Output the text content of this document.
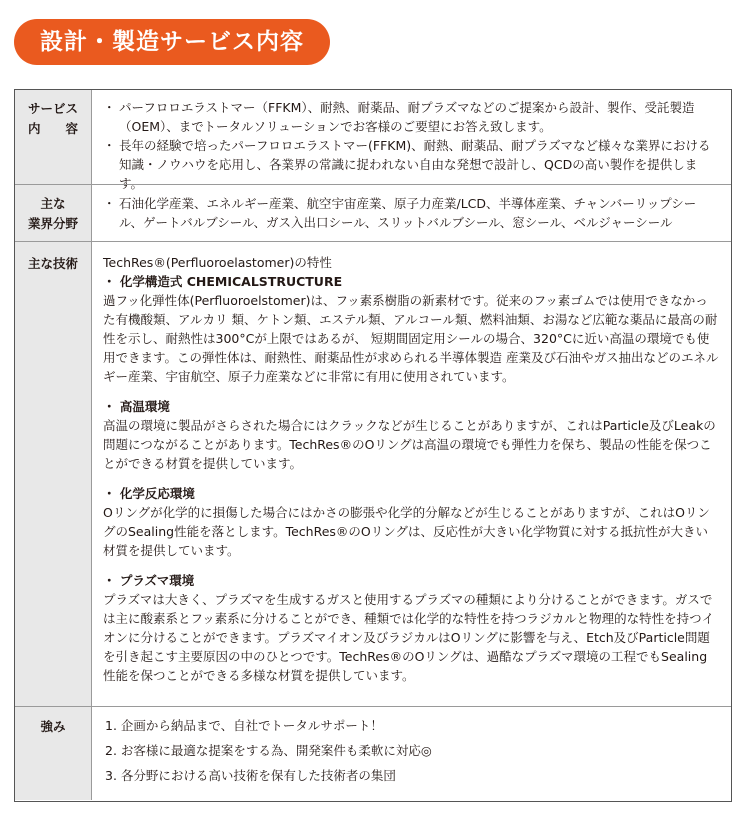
設計・製造サービス内容
サービス
内　　容

・ パーフロロエラストマー（FFKM）、耐熱、耐薬品、耐プラズマなどのご提案から設計、製作、受託製造（OEM）、までトータルソリューションでお客様のご要望にお答え致します。

・ 長年の経験で培ったパーフロロエラストマー(FFKM)、耐熱、耐薬品、耐プラズマなど様々な業界における知識・ノウハウを応用し、各業界の常識に捉われない自由な発想で設計し、QCDの高い製作を提供します。

主な
業界分野

・ 石油化学産業、エネルギー産業、航空宇宙産業、原子力産業/LCD、半導体産業、チャンバーリップシール、ゲートバルブシール、ガス入出口シール、スリットバルブシール、窓シール、ベルジャーシール

主な技術	TechRes®(Perfluoroelastomer)の特性

・ 化学構造式 CHEMICALSTRUCTURE

過フッ化弾性体(Perfluoroelstomer)は、フッ素系樹脂の新素材です。従来のフッ素ゴムでは使用できなかった有機酸類、アルカリ 類、ケトン類、エステル類、アルコール類、燃料油類、お湯など広範な薬品に最高の耐性を示し、耐熱性は300°Cが上限ではあるが、 短期間固定用シールの場合、320°Cに近い高温の環境でも使用できます。この弾性体は、耐熱性、耐薬品性が求められる半導体製造 産業及び石油やガス抽出などのエネルギー産業、宇宙航空、原子力産業などに非常に有用に使用されています。

・ 高温環境

高温の環境に製品がさらされた場合にはクラックなどが生じることがありますが、これはParticle及びLeakの問題につながることがあります。TechRes®のOリングは高温の環境でも弾性力を保ち、製品の性能を保つことができる材質を提供しています。

・ 化学反応環境

Oリングが化学的に損傷した場合にはかさの膨張や化学的分解などが生じることがありますが、これはOリングのSealing性能を落とします。TechRes®のOリングは、反応性が大きい化学物質に対する抵抗性が大きい材質を提供しています。

・ プラズマ環境

プラズマは大きく、プラズマを生成するガスと使用するプラズマの種類により分けることができます。ガスでは主に酸素系とフッ素系に分けることができ、種類では化学的な特性を持つラジカルと物理的な特性を持つイオンに分けることができます。プラズマイオン及びラジカルはOリングに影響を与え、Etch及びParticle問題を引き起こす主要原因の中のひとつです。TechRes®のOリングは、過酷なプラズマ環境の工程でもSealing性能を保つことができる多様な材質を提供しています。

強み	1. 企画から納品まで、自社でトータルサポート！

2. お客様に最適な提案をする為、開発案件も柔軟に対応◎

3. 各分野における高い技術を保有した技術者の集団
